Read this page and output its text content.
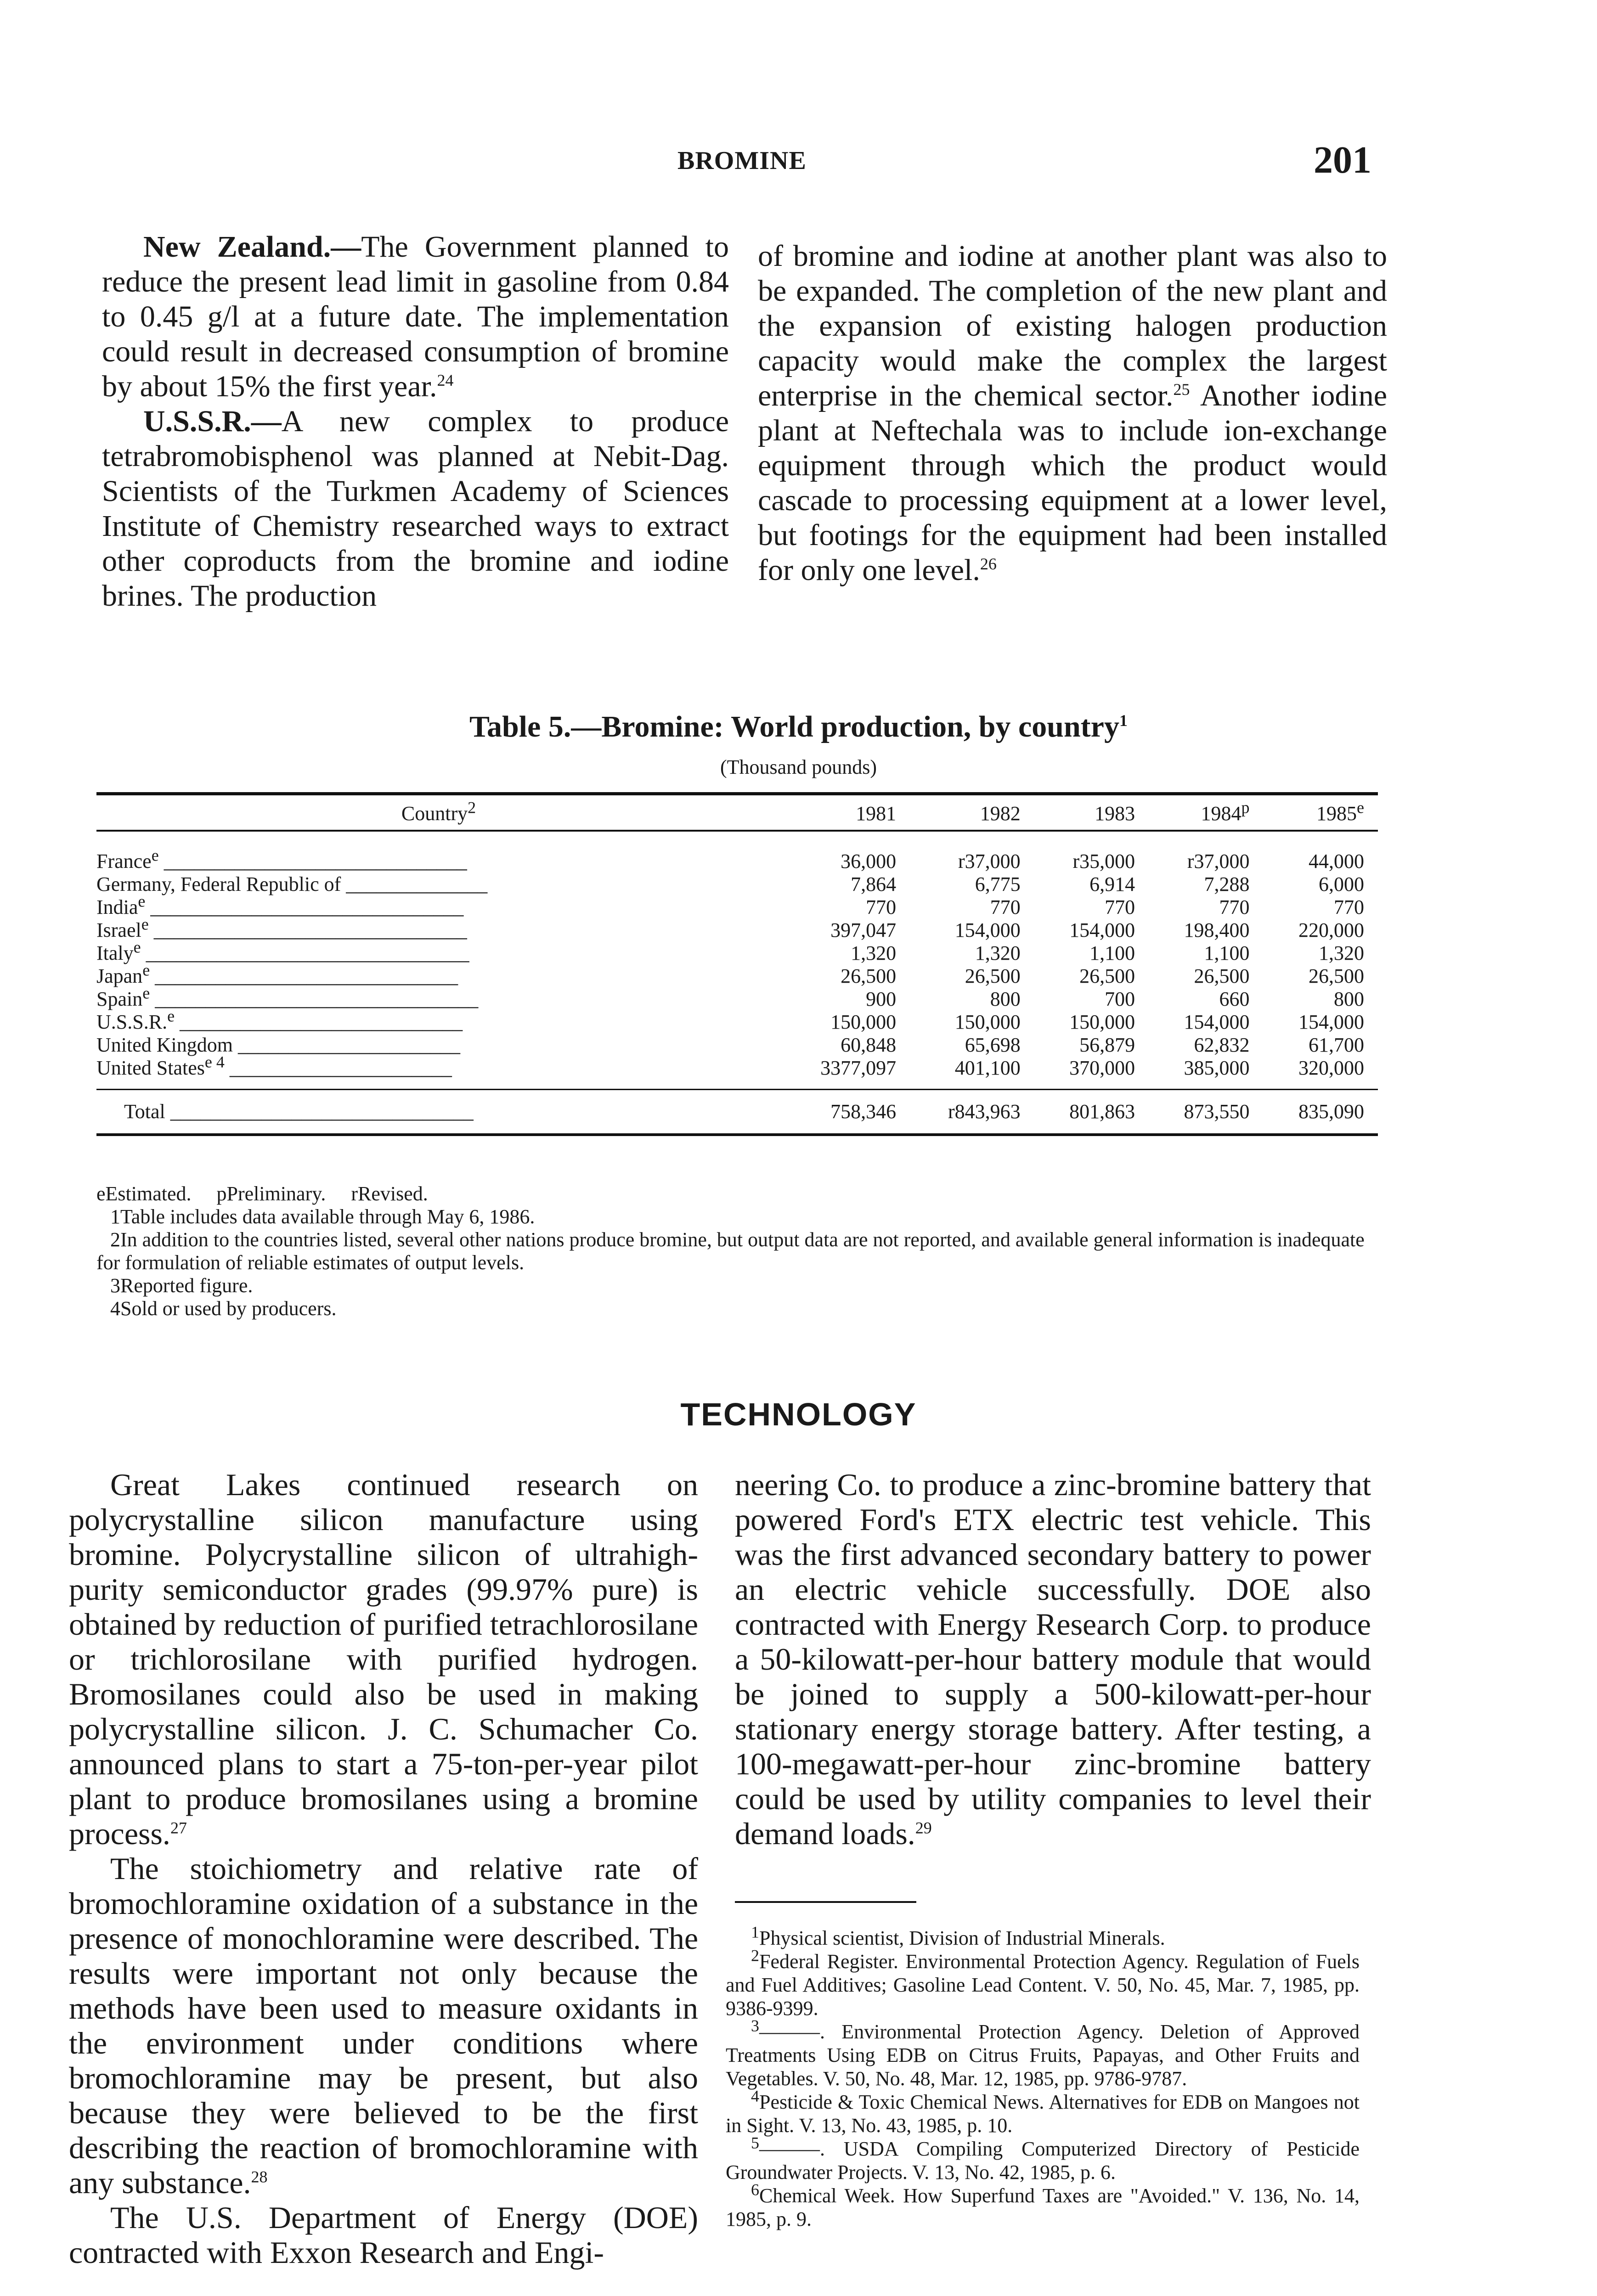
BROMINE	201

New Zealand.—The Government planned to reduce the present lead limit in gasoline from 0.84 to 0.45 g/l at a future date. The implementation could result in decreased consumption of bromine by about 15% the first year.$^{24}$

U.S.S.R.—A new complex to produce tetrabromobisphenol was planned at Nebit-Dag. Scientists of the Turkmen Academy of Sciences Institute of Chemistry researched ways to extract other coproducts from the bromine and iodine brines. The production

of bromine and iodine at another plant was also to be expanded. The completion of the new plant and the expansion of existing halogen production capacity would make the complex the largest enterprise in the chemical sector.$^{25}$ Another iodine plant at Neftechala was to include ion-exchange equipment through which the product would cascade to processing equipment at a lower level, but footings for the equipment had been installed for only one level.$^{26}$

Table 5.—Bromine: World production, by country$^1$
(Thousand pounds)
Country$^2$	1981	1982	1983	1984$^p$	1985e
France$^e$ ______________________________	36,000	r37,000	r35,000	r37,000	44,000
Germany, Federal Republic of ______________	7,864	6,775	6,914	7,288	6,000
India$^e$ _______________________________	770	770	770	770	770
Israel$^e$ _______________________________	397,047	154,000	154,000	198,400	220,000
Italy$^e$ ________________________________	1,320	1,320	1,100	1,100	1,320
Japan$^e$ ______________________________	26,500	26,500	26,500	26,500	26,500
Spain$^e$ ________________________________	900	800	700	660	800
U.S.S.R.$^e$ ____________________________	150,000	150,000	150,000	154,000	154,000
United Kingdom ______________________	60,848	65,698	56,879	62,832	61,700
United States$^{e 4}$ ______________________	3377,097	401,100	370,000	385,000	320,000
Total ______________________________	758,346	r843,963	801,863	873,550	835,090

eEstimated. pPreliminary. rRevised.

1Table includes data available through May 6, 1986.

2In addition to the countries listed, several other nations produce bromine, but output data are not reported, and available general information is inadequate for formulation of reliable estimates of output levels.

3Reported figure.

4Sold or used by producers.

TECHNOLOGY

Great Lakes continued research on polycrystalline silicon manufacture using bromine. Polycrystalline silicon of ultrahigh-purity semiconductor grades (99.97% pure) is obtained by reduction of purified tetrachlorosilane or trichlorosilane with purified hydrogen. Bromosilanes could also be used in making polycrystalline silicon. J. C. Schumacher Co. announced plans to start a 75-ton-per-year pilot plant to produce bromosilanes using a bromine process.$^{27}$

The stoichiometry and relative rate of bromochloramine oxidation of a substance in the presence of monochloramine were described. The results were important not only because the methods have been used to measure oxidants in the environment under conditions where bromochloramine may be present, but also because they were believed to be the first describing the reaction of bromochloramine with any substance.$^{28}$

The U.S. Department of Energy (DOE) contracted with Exxon Research and Engi-

neering Co. to produce a zinc-bromine battery that powered Ford's ETX electric test vehicle. This was the first advanced secondary battery to power an electric vehicle successfully. DOE also contracted with Energy Research Corp. to produce a 50-kilowatt-per-hour battery module that would be joined to supply a 500-kilowatt-per-hour stationary energy storage battery. After testing, a 100-megawatt-per-hour zinc-bromine battery could be used by utility companies to level their demand loads.$^{29}$

$^1$Physical scientist, Division of Industrial Minerals.

$^2$Federal Register. Environmental Protection Agency. Regulation of Fuels and Fuel Additives; Gasoline Lead Content. V. 50, No. 45, Mar. 7, 1985, pp. 9386-9399.

$^3$———. Environmental Protection Agency. Deletion of Approved Treatments Using EDB on Citrus Fruits, Papayas, and Other Fruits and Vegetables. V. 50, No. 48, Mar. 12, 1985, pp. 9786-9787.

$^4$Pesticide & Toxic Chemical News. Alternatives for EDB on Mangoes not in Sight. V. 13, No. 43, 1985, p. 10.

$^5$———. USDA Compiling Computerized Directory of Pesticide Groundwater Projects. V. 13, No. 42, 1985, p. 6.

$^6$Chemical Week. How Superfund Taxes are "Avoided." V. 136, No. 14, 1985, p. 9.
